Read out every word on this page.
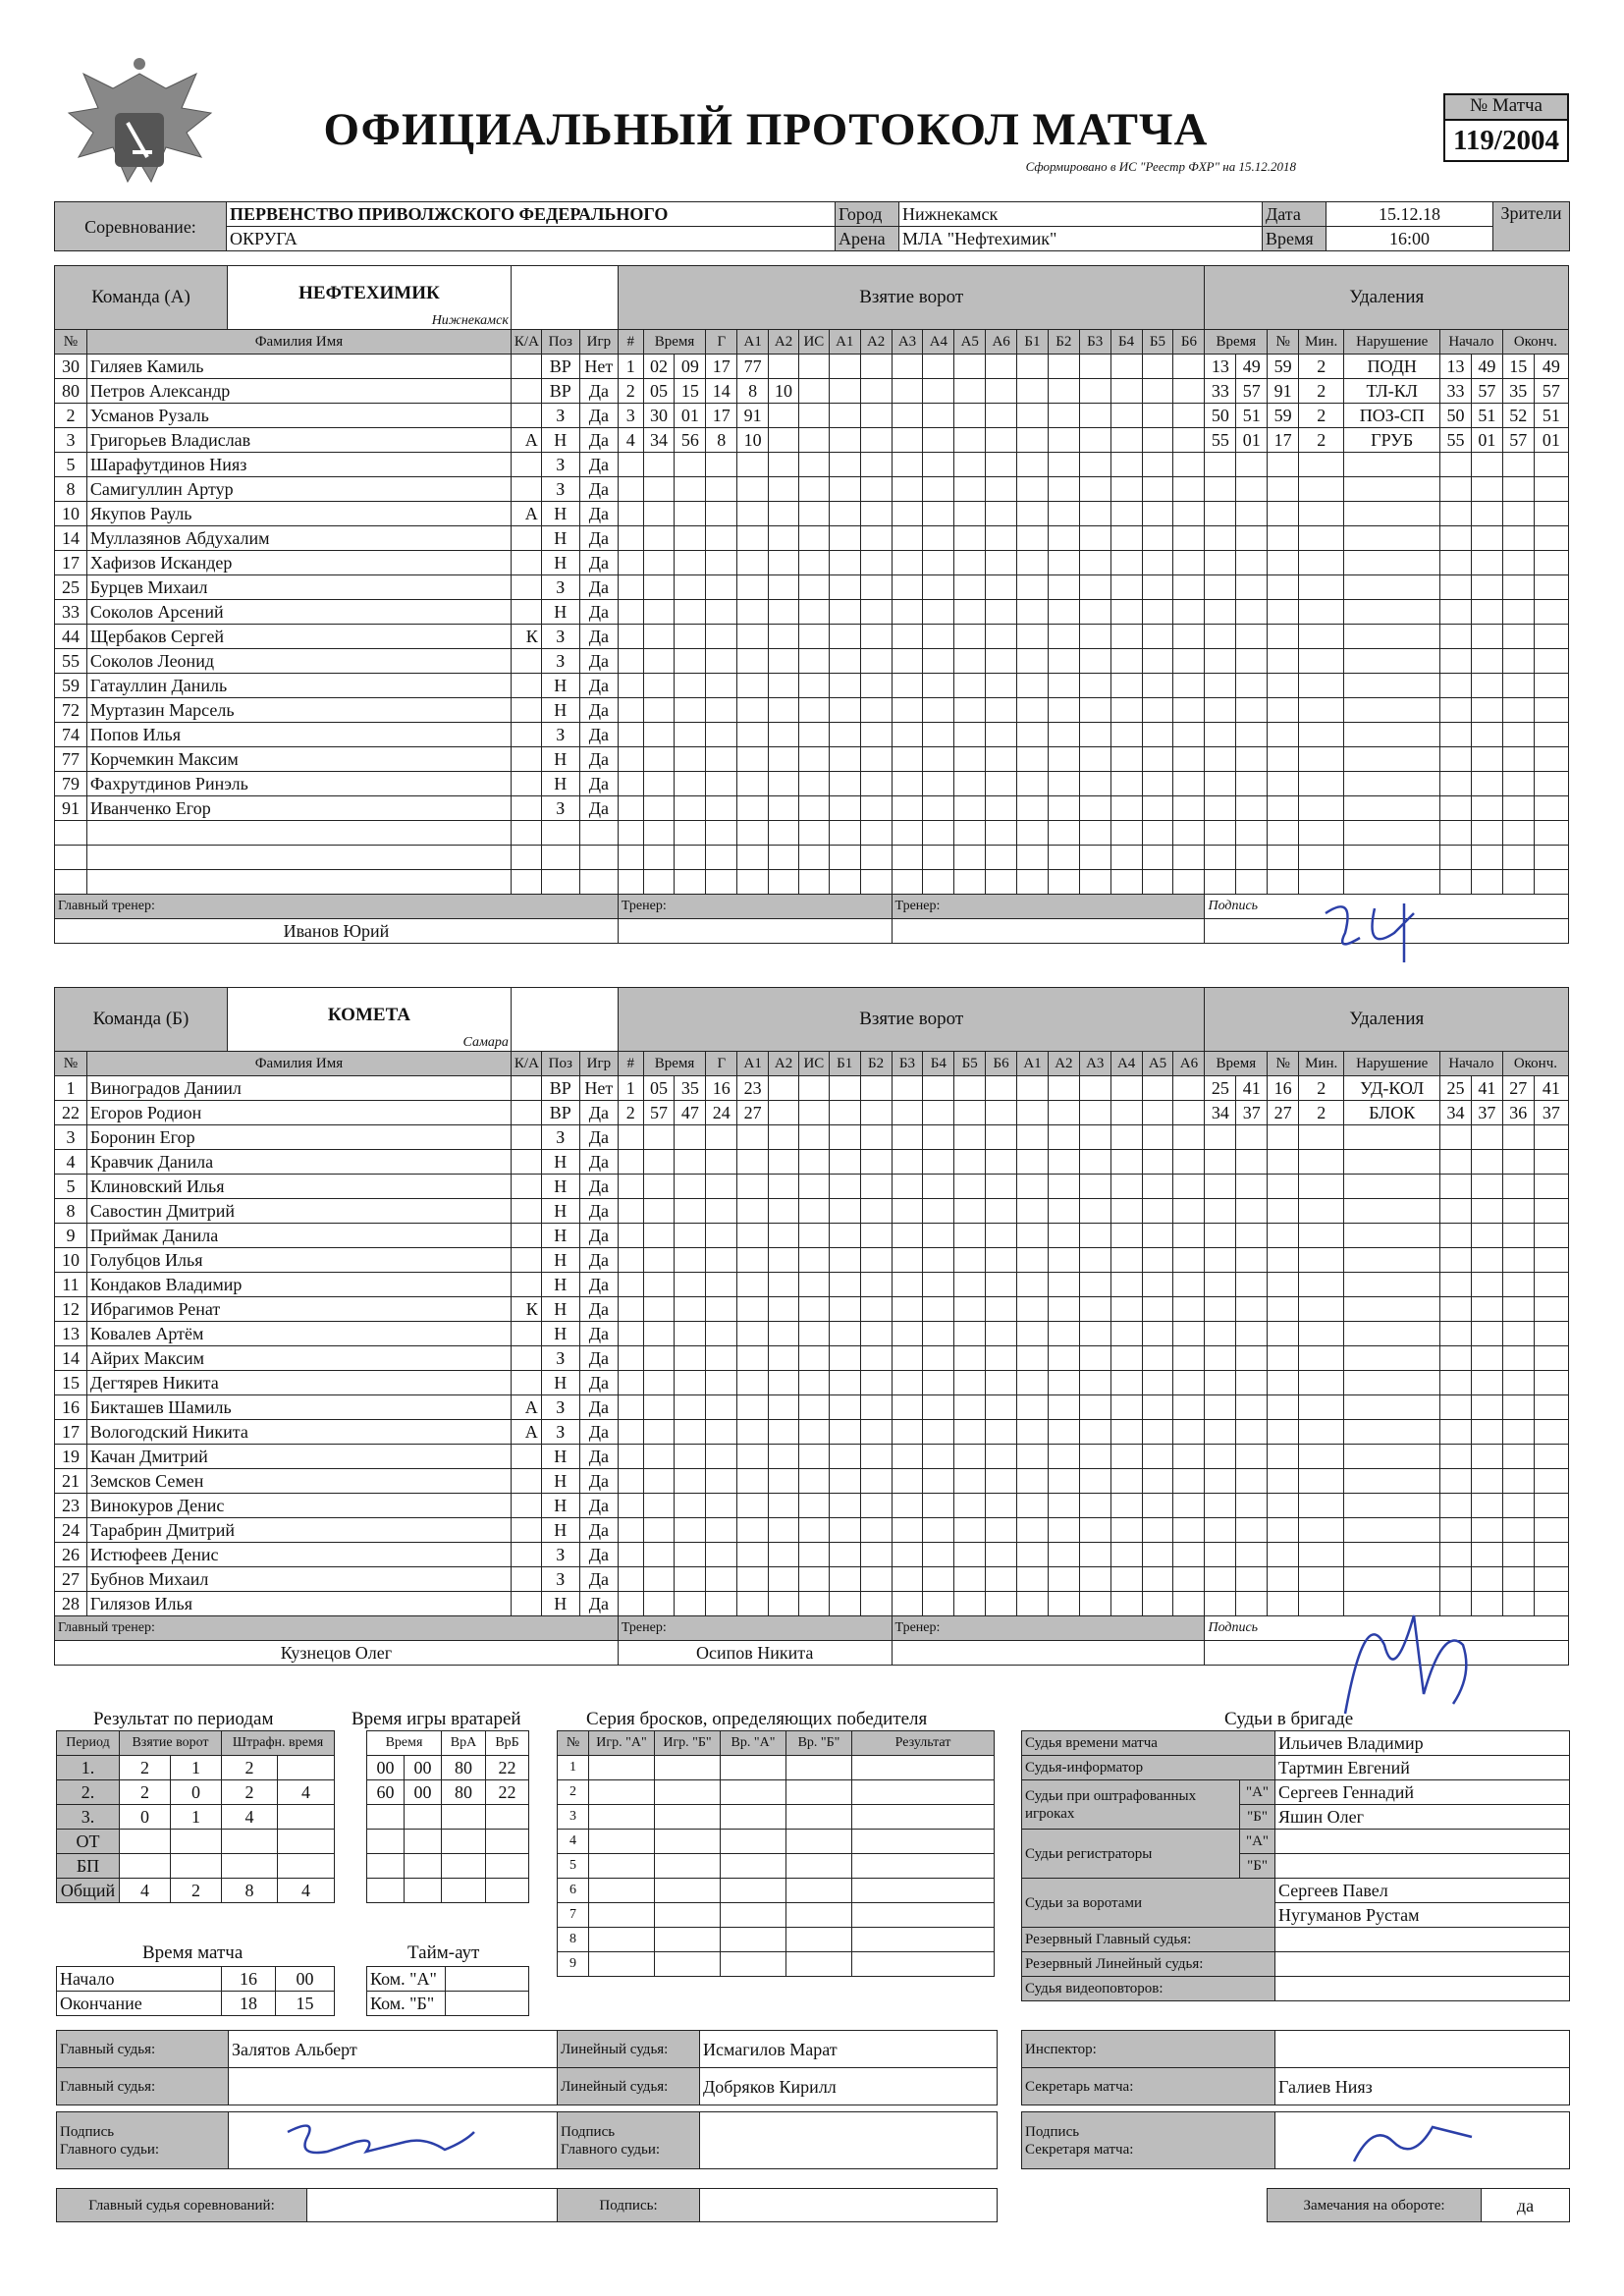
ОФИЦИАЛЬНЫЙ ПРОТОКОЛ МАТЧА
Сформировано в ИС "Реестр ФХР" на 15.12.2018
№ Матча
119/2004
Соревнование:	ПЕРВЕНСТВО ПРИВОЛЖСКОГО ФЕДЕРАЛЬНОГО	Город	Нижнекамск	Дата	15.12.18	Зрители
	ОКРУГА	Арена	МЛА "Нефтехимик"	Время	16:00	
Команда (А) НЕФТЕХИМИК
Нижнекамск					Взятие ворот																			Удаления								
№	Фамилия Имя	К/А	Поз	Игр	#	Время		Г	А1	А2	ИС	А1	А2	А3	А4	А5	А6	Б1	Б2	Б3	Б4	Б5	Б6	Время		№	Мин.	Нарушение	Начало		Оконч.	
30	Гиляев Камиль		ВР	Нет	1	02	09	17	77															13	49	59	2	ПОДН	13	49	15	49
80	Петров Александр		ВР	Да	2	05	15	14	8	10														33	57	91	2	ТЛ-КЛ	33	57	35	57
2	Усманов Рузаль		З	Да	3	30	01	17	91															50	51	59	2	ПОЗ-СП	50	51	52	51
3	Григорьев Владислав	А	Н	Да	4	34	56	8	10															55	01	17	2	ГРУБ	55	01	57	01
5	Шарафутдинов Нияз		З	Да																												
8	Самигуллин Артур		З	Да																												
10	Якупов Рауль	А	Н	Да																												
14	Муллазянов Абдухалим		Н	Да																												
17	Хафизов Искандер		Н	Да																												
25	Бурцев Михаил		З	Да																												
33	Соколов Арсений		Н	Да																												
44	Щербаков Сергей	К	З	Да																												
55	Соколов Леонид		З	Да																												
59	Гатауллин Даниль		Н	Да																												
72	Муртазин Марсель		Н	Да																												
74	Попов Илья		З	Да																												
77	Корчемкин Максим		Н	Да																												
79	Фахрутдинов Ринэль		Н	Да																												
91	Иванченко Егор		З	Да																												

Главный тренер:					Тренер:									Тренер:										Подпись								
Иванов Юрий																																
Команда (Б) КОМЕТА
Самара					Взятие ворот																			Удаления								
№	Фамилия Имя	К/А	Поз	Игр	#	Время		Г	А1	А2	ИС	Б1	Б2	Б3	Б4	Б5	Б6	А1	А2	А3	А4	А5	А6	Время		№	Мин.	Нарушение	Начало		Оконч.	
1	Виноградов Даниил		ВР	Нет	1	05	35	16	23															25	41	16	2	УД-КОЛ	25	41	27	41
22	Егоров Родион		ВР	Да	2	57	47	24	27															34	37	27	2	БЛОК	34	37	36	37
3	Боронин Егор		З	Да																												
4	Кравчик Данила		Н	Да																												
5	Клиновский Илья		Н	Да																												
8	Савостин Дмитрий		Н	Да																												
9	Приймак Данила		Н	Да																												
10	Голубцов Илья		Н	Да																												
11	Кондаков Владимир		Н	Да																												
12	Ибрагимов Ренат	К	Н	Да																												
13	Ковалев Артём		Н	Да																												
14	Айрих Максим		З	Да																												
15	Дегтярев Никита		Н	Да																												
16	Бикташев Шамиль	А	З	Да																												
17	Вологодский Никита	А	З	Да																												
19	Качан Дмитрий		Н	Да																												
21	Земсков Семен		Н	Да																												
23	Винокуров Денис		Н	Да																												
24	Тарабрин Дмитрий		Н	Да																												
26	Истюфеев Денис		З	Да																												
27	Бубнов Михаил		З	Да																												
28	Гилязов Илья		Н	Да																												
Главный тренер:					Тренер:									Тренер:										Подпись								
Кузнецов Олег					Осипов Никита																											
Результат по периодам	Время игры вратарей	Серия бросков, определяющих победителя	Судьи в бригаде
Период	Взятие ворот		Штрафн. время	
1.	2	1	2	
2.	2	0	2	4
3.	0	1	4	
ОТ				
БП				
Общий	4	2	8	4
Время		ВрА	ВрБ
00	00	80	22
60	00	80	22

Время матча
Начало	16	00
Окончание	18	15
Тайм-аут
Ком. "А"	
Ком. "Б"	
№	Игр. "А"	Игр. "Б"	Вр. "А"	Вр. "Б"	Результат
1					
2					
3					
4					
5					
6					
7					
8					
9					
Судья времени матча		Ильичев Владимир
Судья-информатор		Тартмин Евгений
Судьи при оштрафованных игроках	"А"	Сергеев Геннадий
	"Б"	Яшин Олег
Судьи регистраторы	"А"	
	"Б"	
Судьи за воротами		Сергеев Павел
		Нугуманов Рустам
Резервный Главный судья:		
Резервный Линейный судья:		
Судья видеоповторов:		
Главный судья:	Залятов Альберт	Линейный судья:	Исмагилов Марат
Главный судья:		Линейный судья:	Добряков Кирилл
Подпись
Главного судьи:

Подпись
Главного судьи:

Главный судья соревнований:		Подпись:	
Инспектор:	
Секретарь матча:	Галиев Нияз
Подпись
Секретаря матча:

Замечания на обороте:	да
